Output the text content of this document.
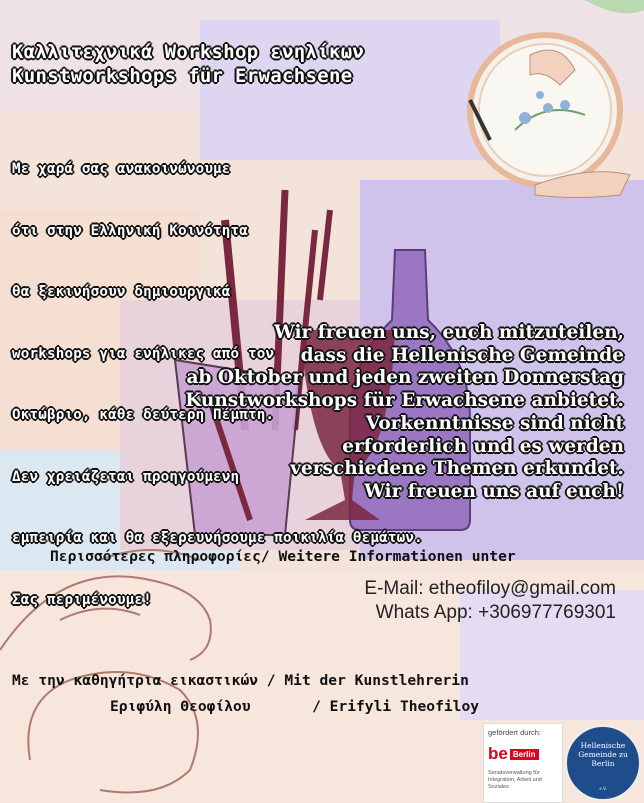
Καλλιτεχνικά Workshop ενηλίκων
Kunstworkshops für Erwachsene

Με χαρά σας ανακοινώνουμε

ότι στην Ελληνική Κοινότητα

θα ξεκινήσουν δημιουργικά

workshops για ενήλικες από τον

Οκτώβριο, κάθε δεύτερη Πέμπτη.

Δεν χρειάζεται προηγούμενη

εμπειρία και θα εξερευνήσουμε ποικιλία θεμάτων.

Σας περιμένουμε!

Wir freuen uns, euch mitzuteilen,
dass die Hellenische Gemeinde
ab Oktober und jeden zweiten Donnerstag
Kunstworkshops für Erwachsene anbietet.
Vorkenntnisse sind nicht
erforderlich und es werden
verschiedene Themen erkundet.
Wir freuen uns auf euch!
Περισσότερες πληροφορίες/ Weitere Informationen unter
E-Mail: etheofiloy@gmail.com
Whats App: +306977769301
Με την καθηγήτρια εικαστικών / Mit der Kunstlehrerin
Εριφύλη Θεοφίλου       / Erifyli Theofiloy
gefördert durch:
be Berlin
Senatsverwaltung für Integration, Arbeit und Soziales
Hellenische Gemeinde zu Berlin
e.V.
